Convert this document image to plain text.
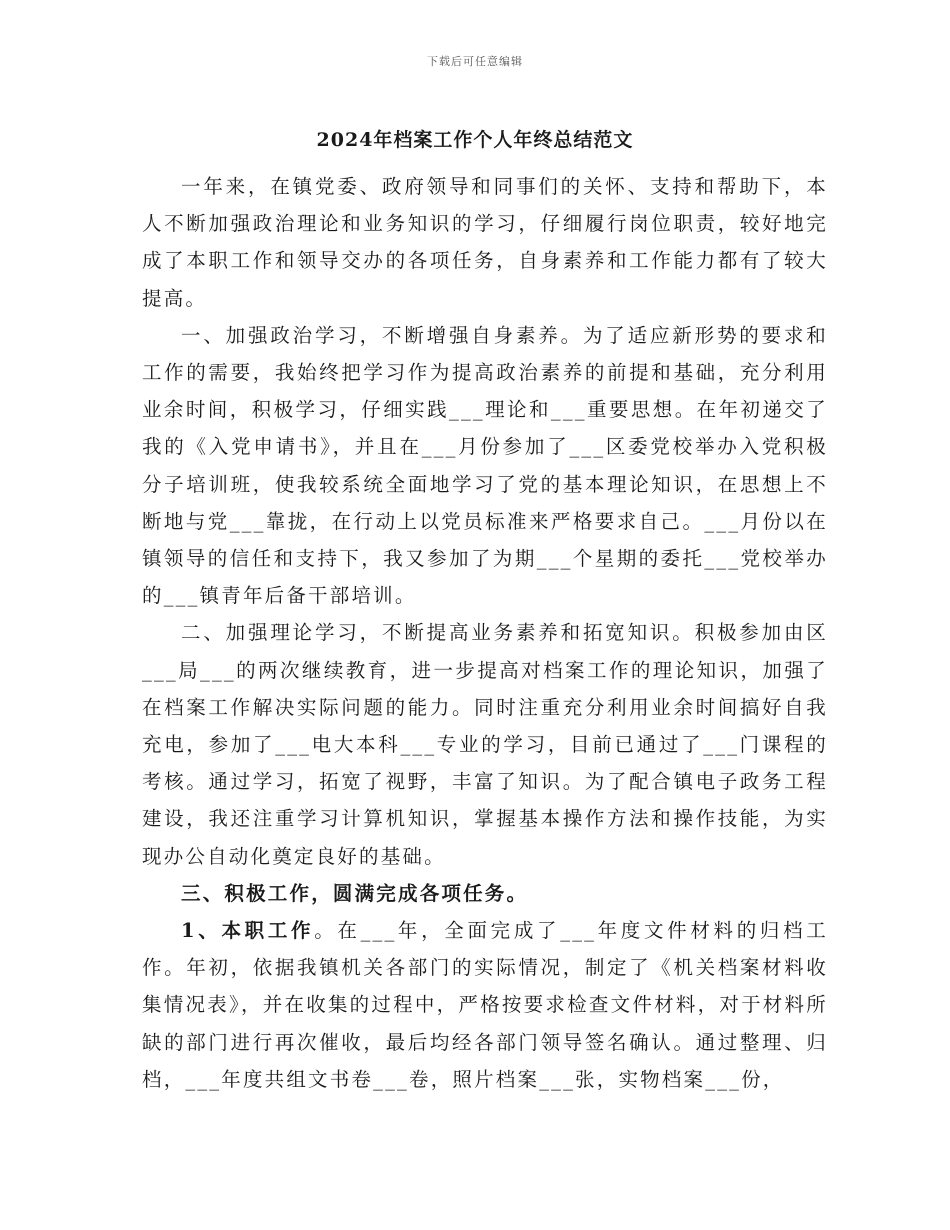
下载后可任意编辑
2024年档案工作个人年终总结范文

一年来，在镇党委、政府领导和同事们的关怀、支持和帮助下，本人不断加强政治理论和业务知识的学习，仔细履行岗位职责，较好地完成了本职工作和领导交办的各项任务，自身素养和工作能力都有了较大提高。

一、加强政治学习，不断增强自身素养。为了适应新形势的要求和工作的需要，我始终把学习作为提高政治素养的前提和基础，充分利用业余时间，积极学习，仔细实践___理论和___重要思想。在年初递交了我的《入党申请书》，并且在___月份参加了___区委党校举办入党积极分子培训班，使我较系统全面地学习了党的基本理论知识，在思想上不断地与党___靠拢，在行动上以党员标准来严格要求自己。___月份以在镇领导的信任和支持下，我又参加了为期___个星期的委托___党校举办的___镇青年后备干部培训。

二、加强理论学习，不断提高业务素养和拓宽知识。积极参加由区___局___的两次继续教育，进一步提高对档案工作的理论知识，加强了在档案工作解决实际问题的能力。同时注重充分利用业余时间搞好自我充电，参加了___电大本科___专业的学习，目前已通过了___门课程的考核。通过学习，拓宽了视野，丰富了知识。为了配合镇电子政务工程建设，我还注重学习计算机知识，掌握基本操作方法和操作技能，为实现办公自动化奠定良好的基础。

三、积极工作，圆满完成各项任务。

1、本职工作。在___年，全面完成了___年度文件材料的归档工作。年初，依据我镇机关各部门的实际情况，制定了《机关档案材料收集情况表》，并在收集的过程中，严格按要求检查文件材料，对于材料所缺的部门进行再次催收，最后均经各部门领导签名确认。通过整理、归档，___年度共组文书卷___卷，照片档案___张，实物档案___份，
